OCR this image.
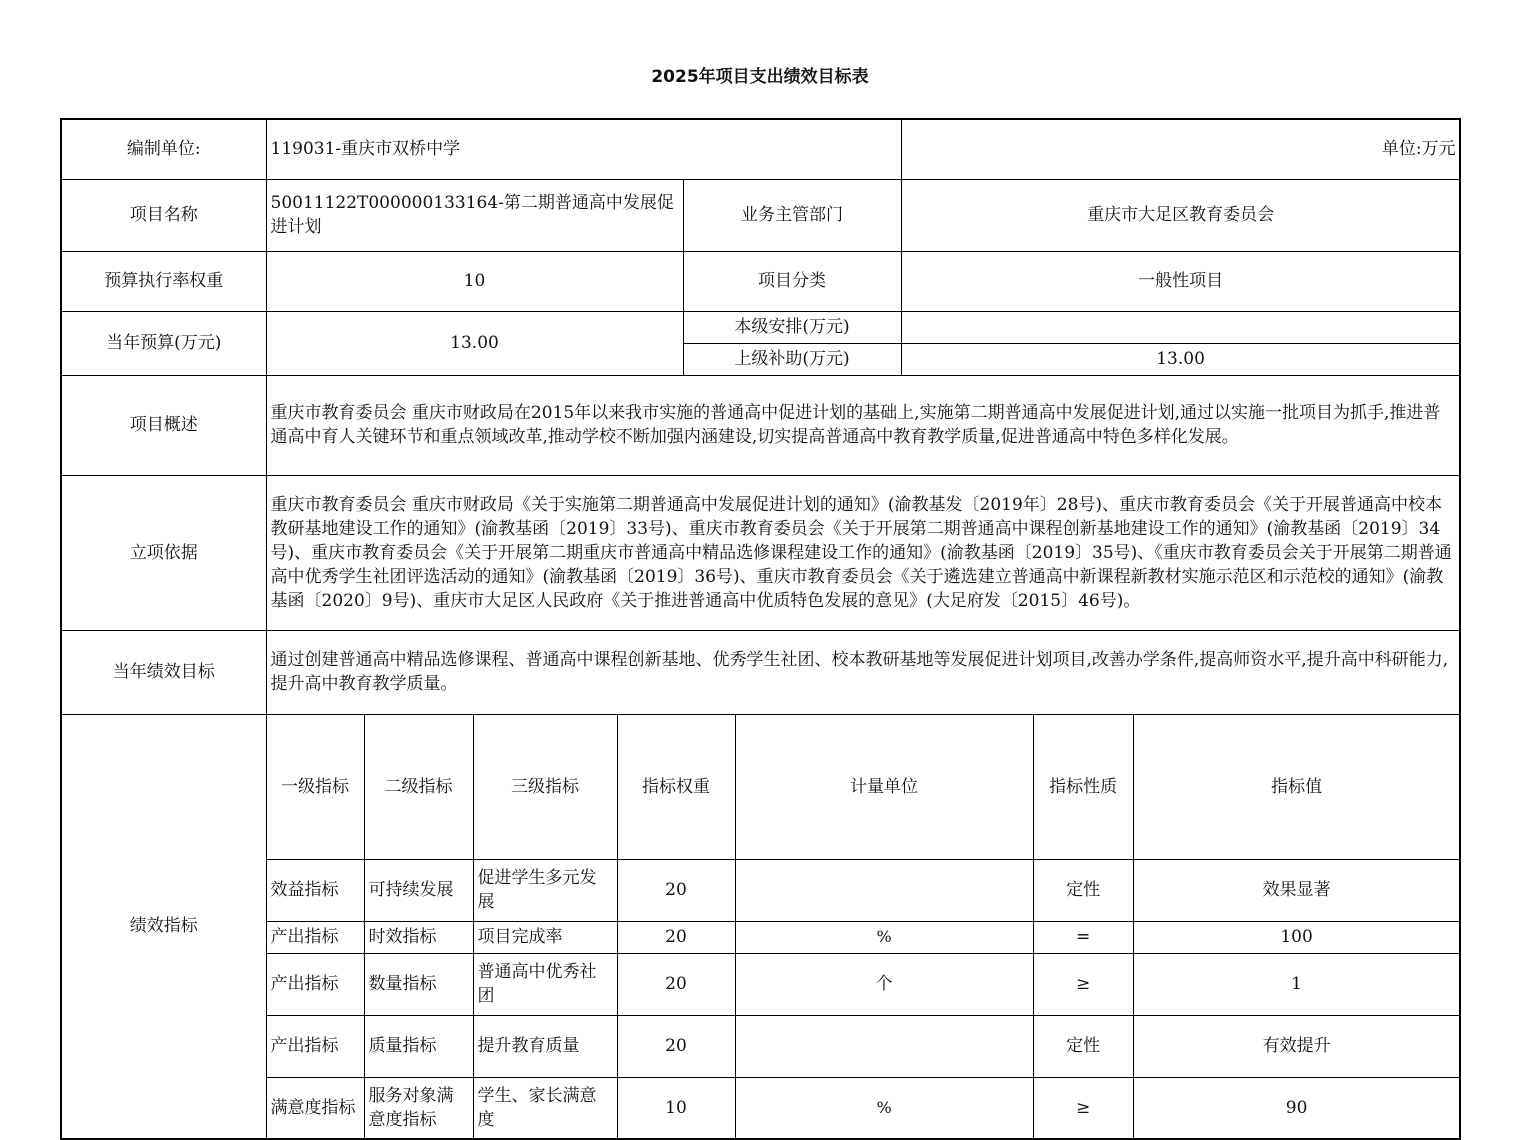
2025年项目支出绩效目标表
编制单位:	119031-重庆市双桥中学						单位:万元			
项目名称	50011122T000000133164-第二期普通高中发展促进计划				业务主管部门		重庆市大足区教育委员会			
预算执行率权重	10				项目分类		一般性项目			
当年预算(万元)	13.00				本级安排(万元)					
					上级补助(万元)		13.00			
项目概述	重庆市教育委员会 重庆市财政局在2015年以来我市实施的普通高中促进计划的基础上,实施第二期普通高中发展促进计划,通过以实施一批项目为抓手,推进普通高中育人关键环节和重点领域改革,推动学校不断加强内涵建设,切实提高普通高中教育教学质量,促进普通高中特色多样化发展。									
立项依据	重庆市教育委员会 重庆市财政局《关于实施第二期普通高中发展促进计划的通知》(渝教基发〔2019年〕28号)、重庆市教育委员会《关于开展普通高中校本教研基地建设工作的通知》(渝教基函〔2019〕33号)、重庆市教育委员会《关于开展第二期普通高中课程创新基地建设工作的通知》(渝教基函〔2019〕34号)、重庆市教育委员会《关于开展第二期重庆市普通高中精品选修课程建设工作的通知》(渝教基函〔2019〕35号)、《重庆市教育委员会关于开展第二期普通高中优秀学生社团评选活动的通知》(渝教基函〔2019〕36号)、重庆市教育委员会《关于遴选建立普通高中新课程新教材实施示范区和示范校的通知》(渝教基函〔2020〕9号)、重庆市大足区人民政府《关于推进普通高中优质特色发展的意见》(大足府发〔2015〕46号)。									
当年绩效目标	通过创建普通高中精品选修课程、普通高中课程创新基地、优秀学生社团、校本教研基地等发展促进计划项目,改善办学条件,提高师资水平,提升高中科研能力,提升高中教育教学质量。									
绩效指标	一级指标	二级指标	三级指标	指标权重		计量单位		指标性质	指标值	
	效益指标	可持续发展	促进学生多元发展	20				定性	效果显著	
	产出指标	时效指标	项目完成率	20		%		=	100	
	产出指标	数量指标	普通高中优秀社团	20		个		≥	1	
	产出指标	质量指标	提升教育质量	20				定性	有效提升	
	满意度指标	服务对象满意度指标	学生、家长满意度	10		%		≥	90	
